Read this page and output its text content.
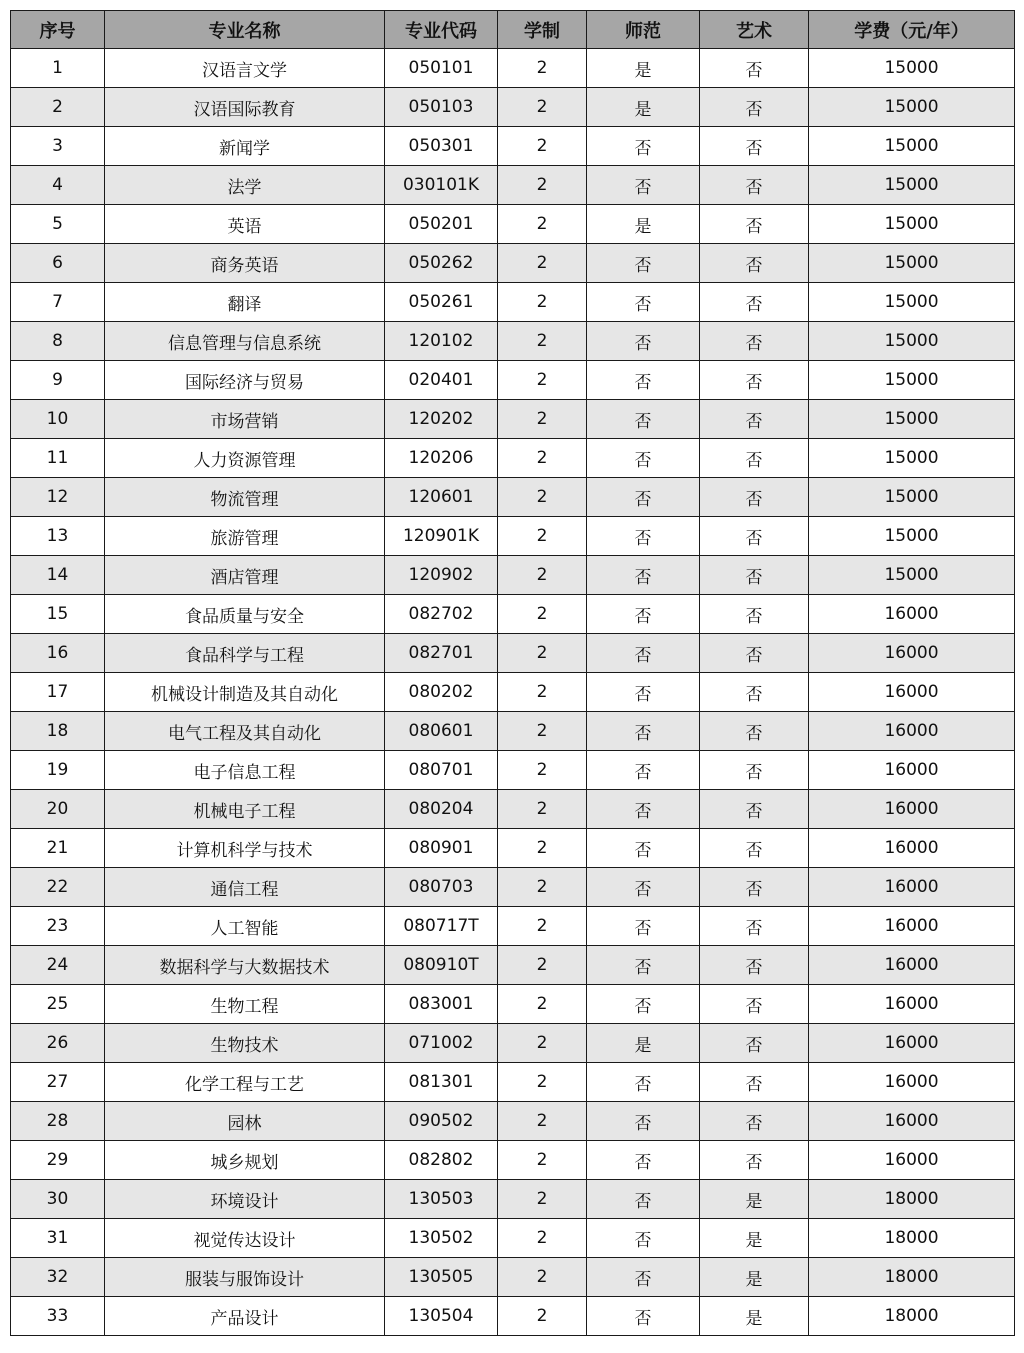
序号	专业名称	专业代码	学制	师范	艺术	学费（元/年）
1	汉语言文学	050101	2	是	否	15000
2	汉语国际教育	050103	2	是	否	15000
3	新闻学	050301	2	否	否	15000
4	法学	030101K	2	否	否	15000
5	英语	050201	2	是	否	15000
6	商务英语	050262	2	否	否	15000
7	翻译	050261	2	否	否	15000
8	信息管理与信息系统	120102	2	否	否	15000
9	国际经济与贸易	020401	2	否	否	15000
10	市场营销	120202	2	否	否	15000
11	人力资源管理	120206	2	否	否	15000
12	物流管理	120601	2	否	否	15000
13	旅游管理	120901K	2	否	否	15000
14	酒店管理	120902	2	否	否	15000
15	食品质量与安全	082702	2	否	否	16000
16	食品科学与工程	082701	2	否	否	16000
17	机械设计制造及其自动化	080202	2	否	否	16000
18	电气工程及其自动化	080601	2	否	否	16000
19	电子信息工程	080701	2	否	否	16000
20	机械电子工程	080204	2	否	否	16000
21	计算机科学与技术	080901	2	否	否	16000
22	通信工程	080703	2	否	否	16000
23	人工智能	080717T	2	否	否	16000
24	数据科学与大数据技术	080910T	2	否	否	16000
25	生物工程	083001	2	否	否	16000
26	生物技术	071002	2	是	否	16000
27	化学工程与工艺	081301	2	否	否	16000
28	园林	090502	2	否	否	16000
29	城乡规划	082802	2	否	否	16000
30	环境设计	130503	2	否	是	18000
31	视觉传达设计	130502	2	否	是	18000
32	服装与服饰设计	130505	2	否	是	18000
33	产品设计	130504	2	否	是	18000
